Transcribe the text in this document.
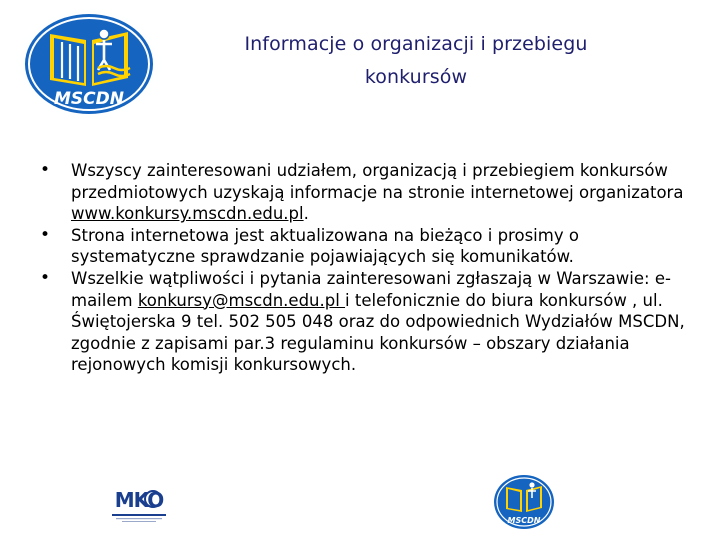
MSCDN
Informacje o organizacji i przebiegu
konkursów
• Wszyscy zainteresowani udziałem, organizacją i przebiegiem konkursów przedmiotowych uzyskają informacje na stronie internetowej organizatora www.konkursy.mscdn.edu.pl.
• Strona internetowa jest aktualizowana na bieżąco i prosimy o systematyczne sprawdzanie pojawiających się komunikatów.
• Wszelkie wątpliwości i pytania zainteresowani zgłaszają w Warszawie: e-mailem konkursy@mscdn.edu.pl i telefonicznie do biura konkursów , ul. Świętojerska 9 tel. 502 505 048 oraz do odpowiednich Wydziałów MSCDN, zgodnie z zapisami par.3 regulaminu konkursów – obszary działania rejonowych komisji konkursowych.
MKO
MSCDN
